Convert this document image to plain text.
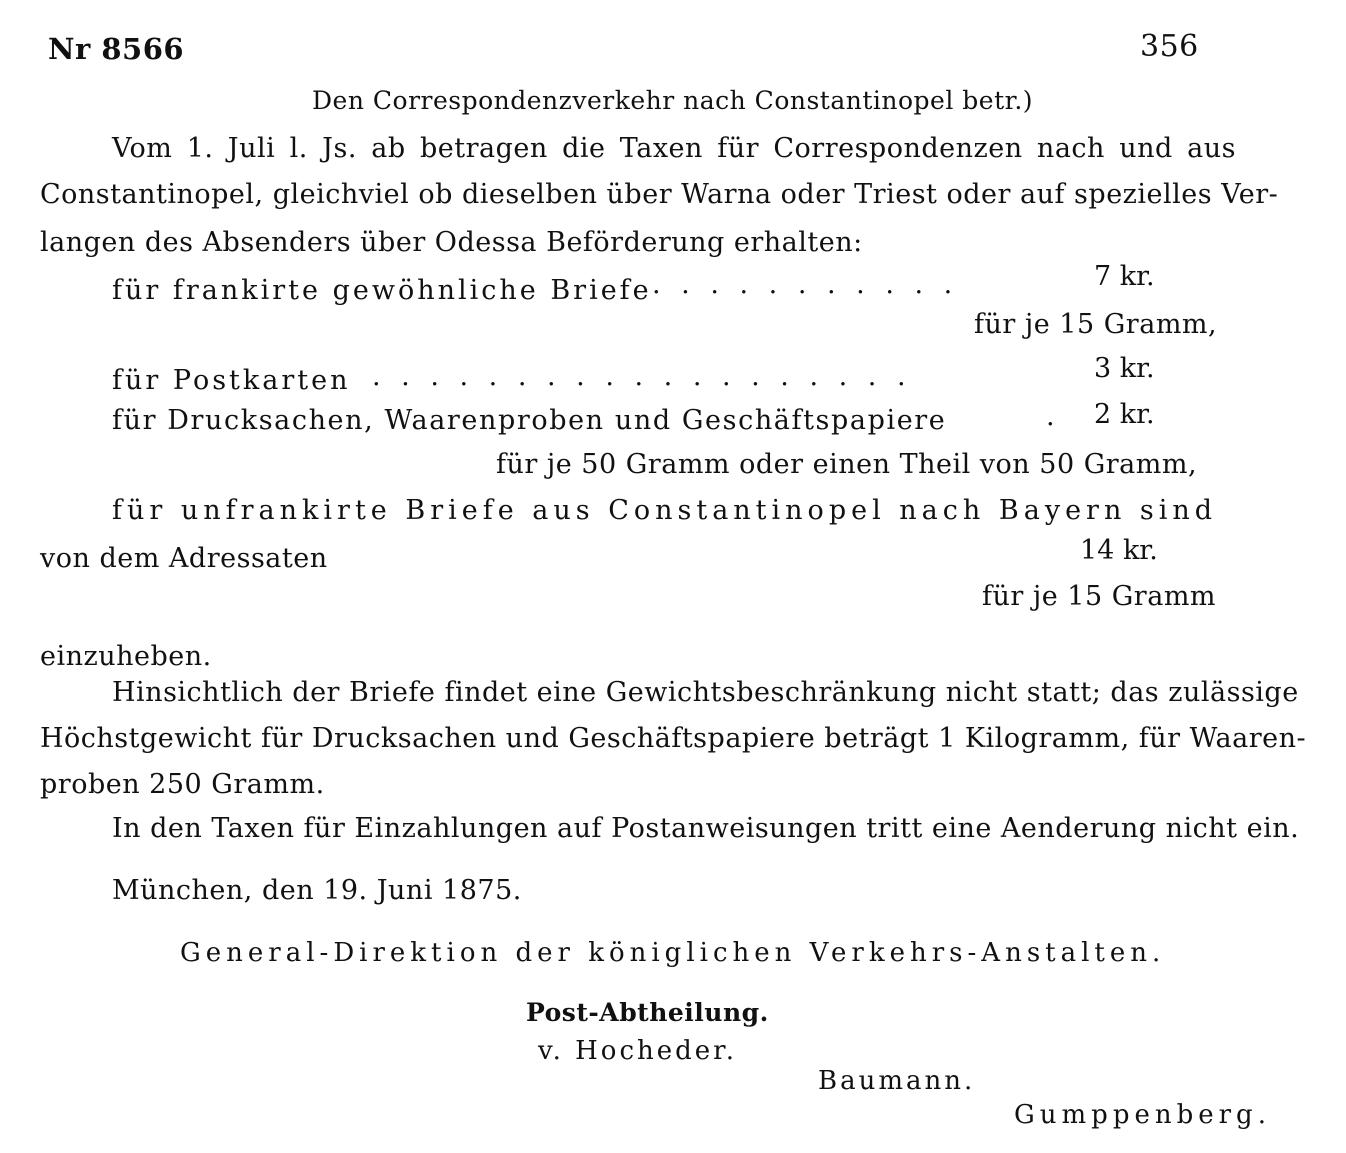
Nr 8566	356
Den Correspondenzverkehr nach Constantinopel betr.)
Vom 1. Juli l. Js. ab betragen die Taxen für Correspondenzen nach und aus
Constantinopel, gleichviel ob dieselben über Warna oder Triest oder auf spezielles Ver-
langen des Absenders über Odessa Beförderung erhalten:
für frankirte gewöhnliche Briefe . . . . . . . . . . .	7 kr.
für je 15 Gramm,
für Postkarten . . . . . . . . . . . . . . . . . . .	3 kr.
für Drucksachen, Waarenproben und Geschäftspapiere	. 2 kr.
für je 50 Gramm oder einen Theil von 50 Gramm,
für unfrankirte Briefe aus Constantinopel nach Bayern sind
von dem Adressaten	14 kr.
für je 15 Gramm
einzuheben.
Hinsichtlich der Briefe findet eine Gewichtsbeschränkung nicht statt; das zulässige
Höchstgewicht für Drucksachen und Geschäftspapiere beträgt 1 Kilogramm, für Waaren-
proben 250 Gramm.
In den Taxen für Einzahlungen auf Postanweisungen tritt eine Aenderung nicht ein.
München, den 19. Juni 1875.
General-Direktion der königlichen Verkehrs-Anstalten.
Post-Abtheilung.
v. Hocheder.
Baumann.
Gumppenberg.
